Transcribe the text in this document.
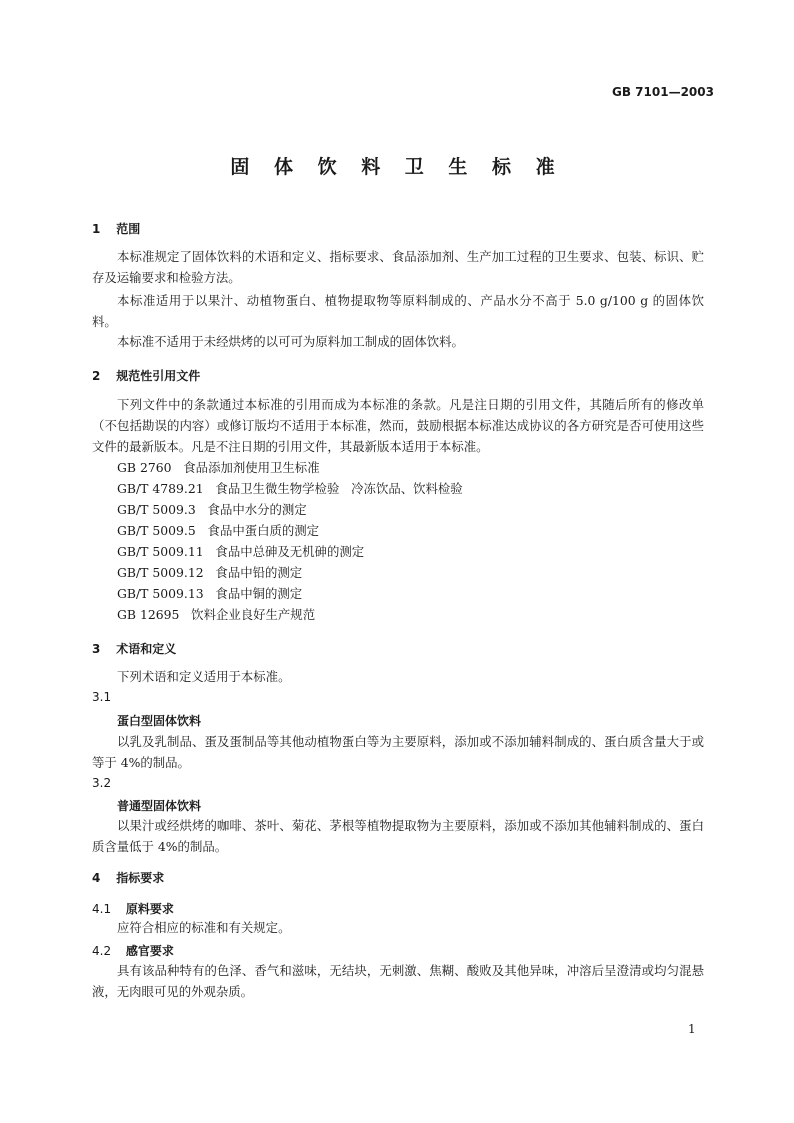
GB 7101—2003
固 体 饮 料 卫 生 标 准
1 范围
本标准规定了固体饮料的术语和定义、指标要求、食品添加剂、生产加工过程的卫生要求、包装、标识、贮存及运输要求和检验方法。
本标准适用于以果汁、动植物蛋白、植物提取物等原料制成的、产品水分不高于 5.0 g/100 g 的固体饮料。
本标准不适用于未经烘烤的以可可为原料加工制成的固体饮料。
2 规范性引用文件
下列文件中的条款通过本标准的引用而成为本标准的条款。凡是注日期的引用文件，其随后所有的修改单（不包括勘误的内容）或修订版均不适用于本标准，然而，鼓励根据本标准达成协议的各方研究是否可使用这些文件的最新版本。凡是不注日期的引用文件，其最新版本适用于本标准。
GB 2760   食品添加剂使用卫生标准
GB/T 4789.21   食品卫生微生物学检验   冷冻饮品、饮料检验
GB/T 5009.3   食品中水分的测定
GB/T 5009.5   食品中蛋白质的测定
GB/T 5009.11   食品中总砷及无机砷的测定
GB/T 5009.12   食品中铅的测定
GB/T 5009.13   食品中铜的测定
GB 12695   饮料企业良好生产规范
3 术语和定义
下列术语和定义适用于本标准。
3.1
蛋白型固体饮料
以乳及乳制品、蛋及蛋制品等其他动植物蛋白等为主要原料，添加或不添加辅料制成的、蛋白质含量大于或等于 4%的制品。
3.2
普通型固体饮料
以果汁或经烘烤的咖啡、茶叶、菊花、茅根等植物提取物为主要原料，添加或不添加其他辅料制成的、蛋白质含量低于 4%的制品。
4 指标要求
4.1 原料要求
应符合相应的标准和有关规定。
4.2 感官要求
具有该品种特有的色泽、香气和滋味，无结块，无刺激、焦糊、酸败及其他异味，冲溶后呈澄清或均匀混悬液，无肉眼可见的外观杂质。
1
